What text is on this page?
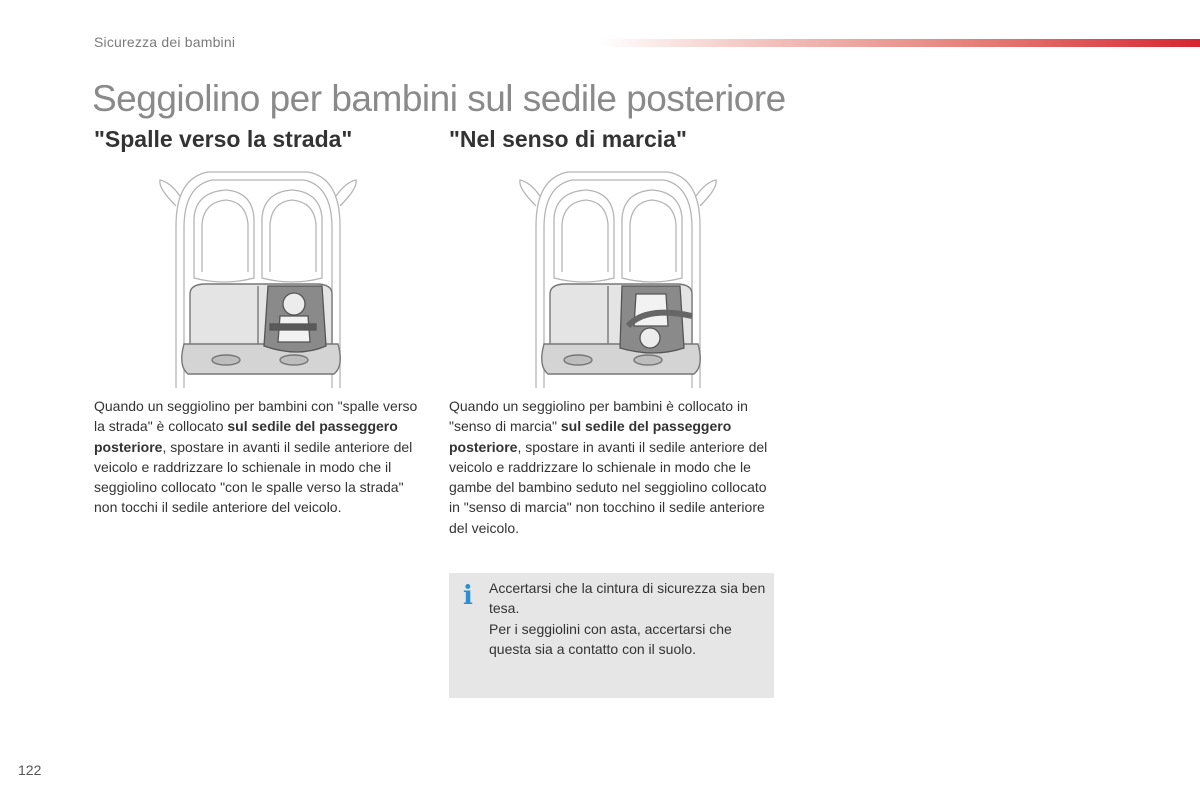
Sicurezza dei bambini
Seggiolino per bambini sul sedile posteriore
"Spalle verso la strada"	"Nel senso di marcia"

Quando un seggiolino per bambini con "spalle verso la strada" è collocato sul sedile del passeggero posteriore, spostare in avanti il sedile anteriore del veicolo e raddrizzare lo schienale in modo che il seggiolino collocato "con le spalle verso la strada" non tocchi il sedile anteriore del veicolo.

Quando un seggiolino per bambini è collocato in "senso di marcia" sul sedile del passeggero posteriore, spostare in avanti il sedile anteriore del veicolo e raddrizzare lo schienale in modo che le gambe del bambino seduto nel seggiolino collocato in "senso di marcia" non tocchino il sedile anteriore del veicolo.

i Accertarsi che la cintura di sicurezza sia ben tesa.

Per i seggiolini con asta, accertarsi che questa sia a contatto con il suolo.

122
